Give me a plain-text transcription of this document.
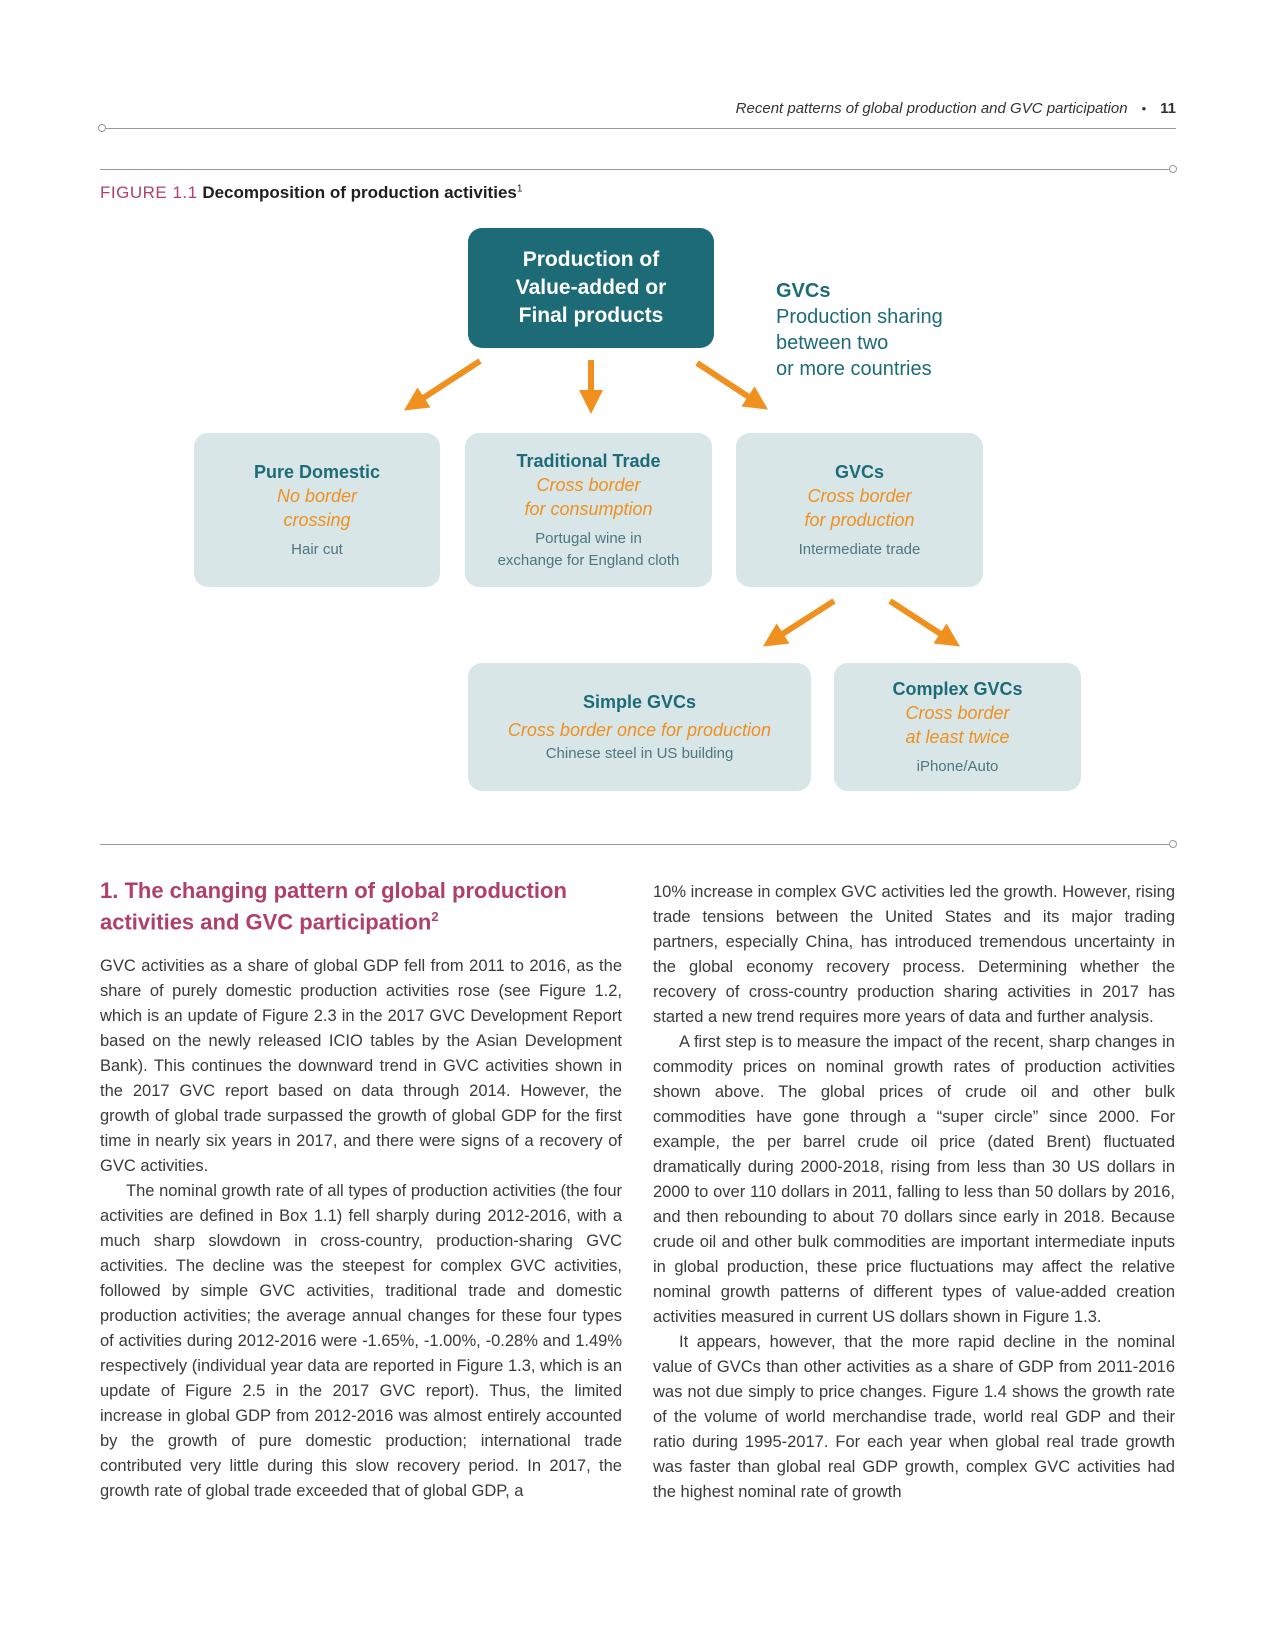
Recent patterns of global production and GVC participation • 11
FIGURE 1.1 Decomposition of production activities$^1$
Production of
Value-added or
Final products
GVCs
Production sharing
between two
or more countries
Pure Domestic
No border
crossing
Hair cut
Traditional Trade
Cross border
for consumption
Portugal wine in
exchange for England cloth
GVCs
Cross border
for production
Intermediate trade
Simple GVCs
Cross border once for production
Chinese steel in US building
Complex GVCs
Cross border
at least twice
iPhone/Auto
1. The changing pattern of global production
activities and GVC participation$^2$

GVC activities as a share of global GDP fell from 2011 to 2016, as the share of purely domestic production activities rose (see Figure 1.2, which is an update of Figure 2.3 in the 2017 GVC Development Report based on the newly released ICIO tables by the Asian Development Bank). This continues the downward trend in GVC activities shown in the 2017 GVC report based on data through 2014. However, the growth of global trade surpassed the growth of global GDP for the first time in nearly six years in 2017, and there were signs of a recovery of GVC activities.

The nominal growth rate of all types of production activities (the four activities are defined in Box 1.1) fell sharply during 2012-2016, with a much sharp slowdown in cross-country, production-sharing GVC activities. The decline was the steepest for complex GVC activities, followed by simple GVC activities, traditional trade and domestic production activities; the average annual changes for these four types of activities during 2012-2016 were -1.65%, -1.00%, -0.28% and 1.49% respectively (individual year data are reported in Figure 1.3, which is an update of Figure 2.5 in the 2017 GVC report). Thus, the limited increase in global GDP from 2012-2016 was almost entirely accounted by the growth of pure domestic production; international trade contributed very little during this slow recovery period. In 2017, the growth rate of global trade exceeded that of global GDP, a

10% increase in complex GVC activities led the growth. However, rising trade tensions between the United States and its major trading partners, especially China, has introduced tremendous uncertainty in the global economy recovery process. Determining whether the recovery of cross-country production sharing activities in 2017 has started a new trend requires more years of data and further analysis.

A first step is to measure the impact of the recent, sharp changes in commodity prices on nominal growth rates of production activities shown above. The global prices of crude oil and other bulk commodities have gone through a “super circle” since 2000. For example, the per barrel crude oil price (dated Brent) fluctuated dramatically during 2000-2018, rising from less than 30 US dollars in 2000 to over 110 dollars in 2011, falling to less than 50 dollars by 2016, and then rebounding to about 70 dollars since early in 2018. Because crude oil and other bulk commodities are important intermediate inputs in global production, these price fluctuations may affect the relative nominal growth patterns of different types of value-added creation activities measured in current US dollars shown in Figure 1.3.

It appears, however, that the more rapid decline in the nominal value of GVCs than other activities as a share of GDP from 2011-2016 was not due simply to price changes. Figure 1.4 shows the growth rate of the volume of world merchandise trade, world real GDP and their ratio during 1995-2017. For each year when global real trade growth was faster than global real GDP growth, complex GVC activities had the highest nominal rate of growth
